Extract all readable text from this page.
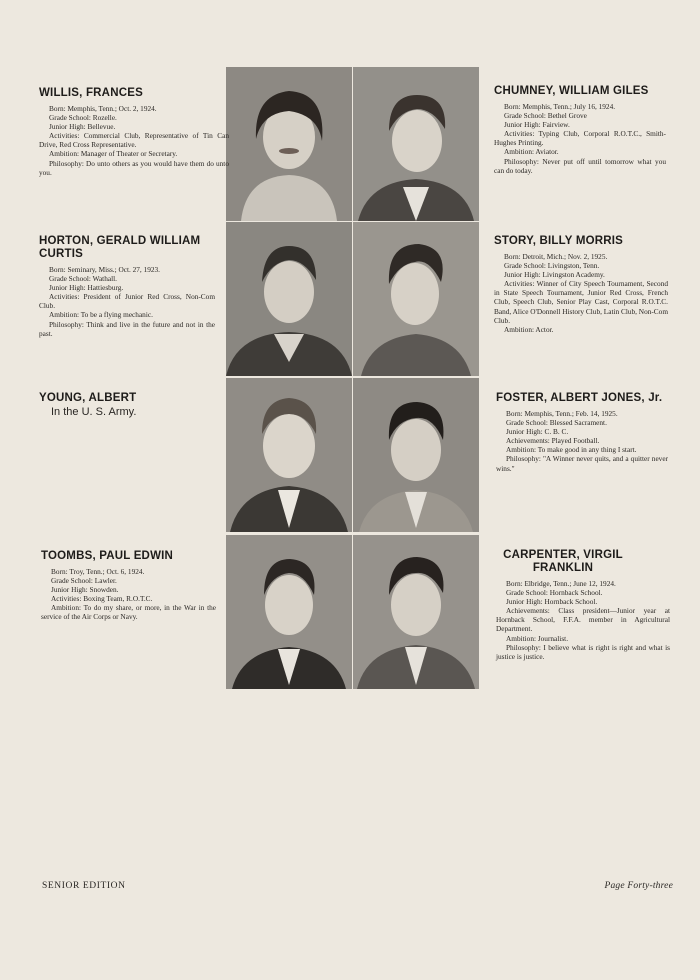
WILLIS, FRANCES

Born: Memphis, Tenn.; Oct. 2, 1924.

Grade School: Rozelle.

Junior High: Bellevue.

Activities: Commercial Club, Representative of Tin Can Drive, Red Cross Representative.

Ambition: Manager of Theater or Secretary.

Philosophy: Do unto others as you would have them do unto you.

CHUMNEY, WILLIAM GILES

Born: Memphis, Tenn.; July 16, 1924.

Grade School: Bethel Grove

Junior High: Fairview.

Activities: Typing Club, Corporal R.O.T.C., Smith-Hughes Printing.

Ambition: Aviator.

Philosophy: Never put off until tomorrow what you can do today.

HORTON, GERALD WILLIAM CURTIS

Born: Seminary, Miss.; Oct. 27, 1923.

Grade School: Wathall.

Junior High: Hattiesburg.

Activities: President of Junior Red Cross, Non-Com Club.

Ambition: To be a flying mechanic.

Philosophy: Think and live in the future and not in the past.

STORY, BILLY MORRIS

Born: Detroit, Mich.; Nov. 2, 1925.

Grade School: Livingston, Tenn.

Junior High: Livingston Academy.

Activities: Winner of City Speech Tournament, Second in State Speech Tournament, Junior Red Cross, French Club, Speech Club, Senior Play Cast, Corporal R.O.T.C. Band, Alice O'Donnell History Club, Latin Club, Non-Com Club.

Ambition: Actor.

YOUNG, ALBERT
In the U. S. Army.
FOSTER, ALBERT JONES, Jr.

Born: Memphis, Tenn.; Feb. 14, 1925.

Grade School: Blessed Sacrament.

Junior High: C. B. C.

Achievements: Played Football.

Ambition: To make good in any thing I start.

Philosophy: "A Winner never quits, and a quitter never wins."

TOOMBS, PAUL EDWIN

Born: Troy, Tenn.; Oct. 6, 1924.

Grade School: Lawler.

Junior High: Snowden.

Activities: Boxing Team, R.O.T.C.

Ambition: To do my share, or more, in the War in the service of the Air Corps or Navy.

CARPENTER, VIRGIL FRANKLIN

Born: Elbridge, Tenn.; June 12, 1924.

Grade School: Hornback School.

Junior High: Hornback School.

Achievements: Class president—Junior year at Hornback School, F.F.A. member in Agricultural Department.

Ambition: Journalist.

Philosophy: I believe what is right is right and what is justice is justice.

SENIOR EDITION	Page Forty-three
